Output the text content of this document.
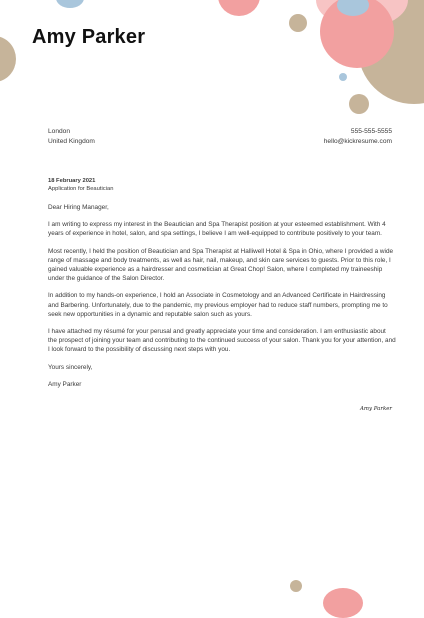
Amy Parker
London
United Kingdom
555-555-5555
hello@kickresume.com
18 February 2021
Application for Beautician

Dear Hiring Manager,

I am writing to express my interest in the Beautician and Spa Therapist position at your esteemed establishment. With 4 years of experience in hotel, salon, and spa settings, I believe I am well-equipped to contribute positively to your team.

Most recently, I held the position of Beautician and Spa Therapist at Halliwell Hotel & Spa in Ohio, where I provided a wide range of massage and body treatments, as well as hair, nail, makeup, and skin care services to guests. Prior to this role, I gained valuable experience as a hairdresser and cosmetician at Great Chop! Salon, where I completed my traineeship under the guidance of the Salon Director.

In addition to my hands-on experience, I hold an Associate in Cosmetology and an Advanced Certificate in Hairdressing and Barbering. Unfortunately, due to the pandemic, my previous employer had to reduce staff numbers, prompting me to seek new opportunities in a dynamic and reputable salon such as yours.

I have attached my résumé for your perusal and greatly appreciate your time and consideration. I am enthusiastic about the prospect of joining your team and contributing to the continued success of your salon. Thank you for your attention, and I look forward to the possibility of discussing next steps with you.

Yours sincerely,

Amy Parker

Amy Parker
